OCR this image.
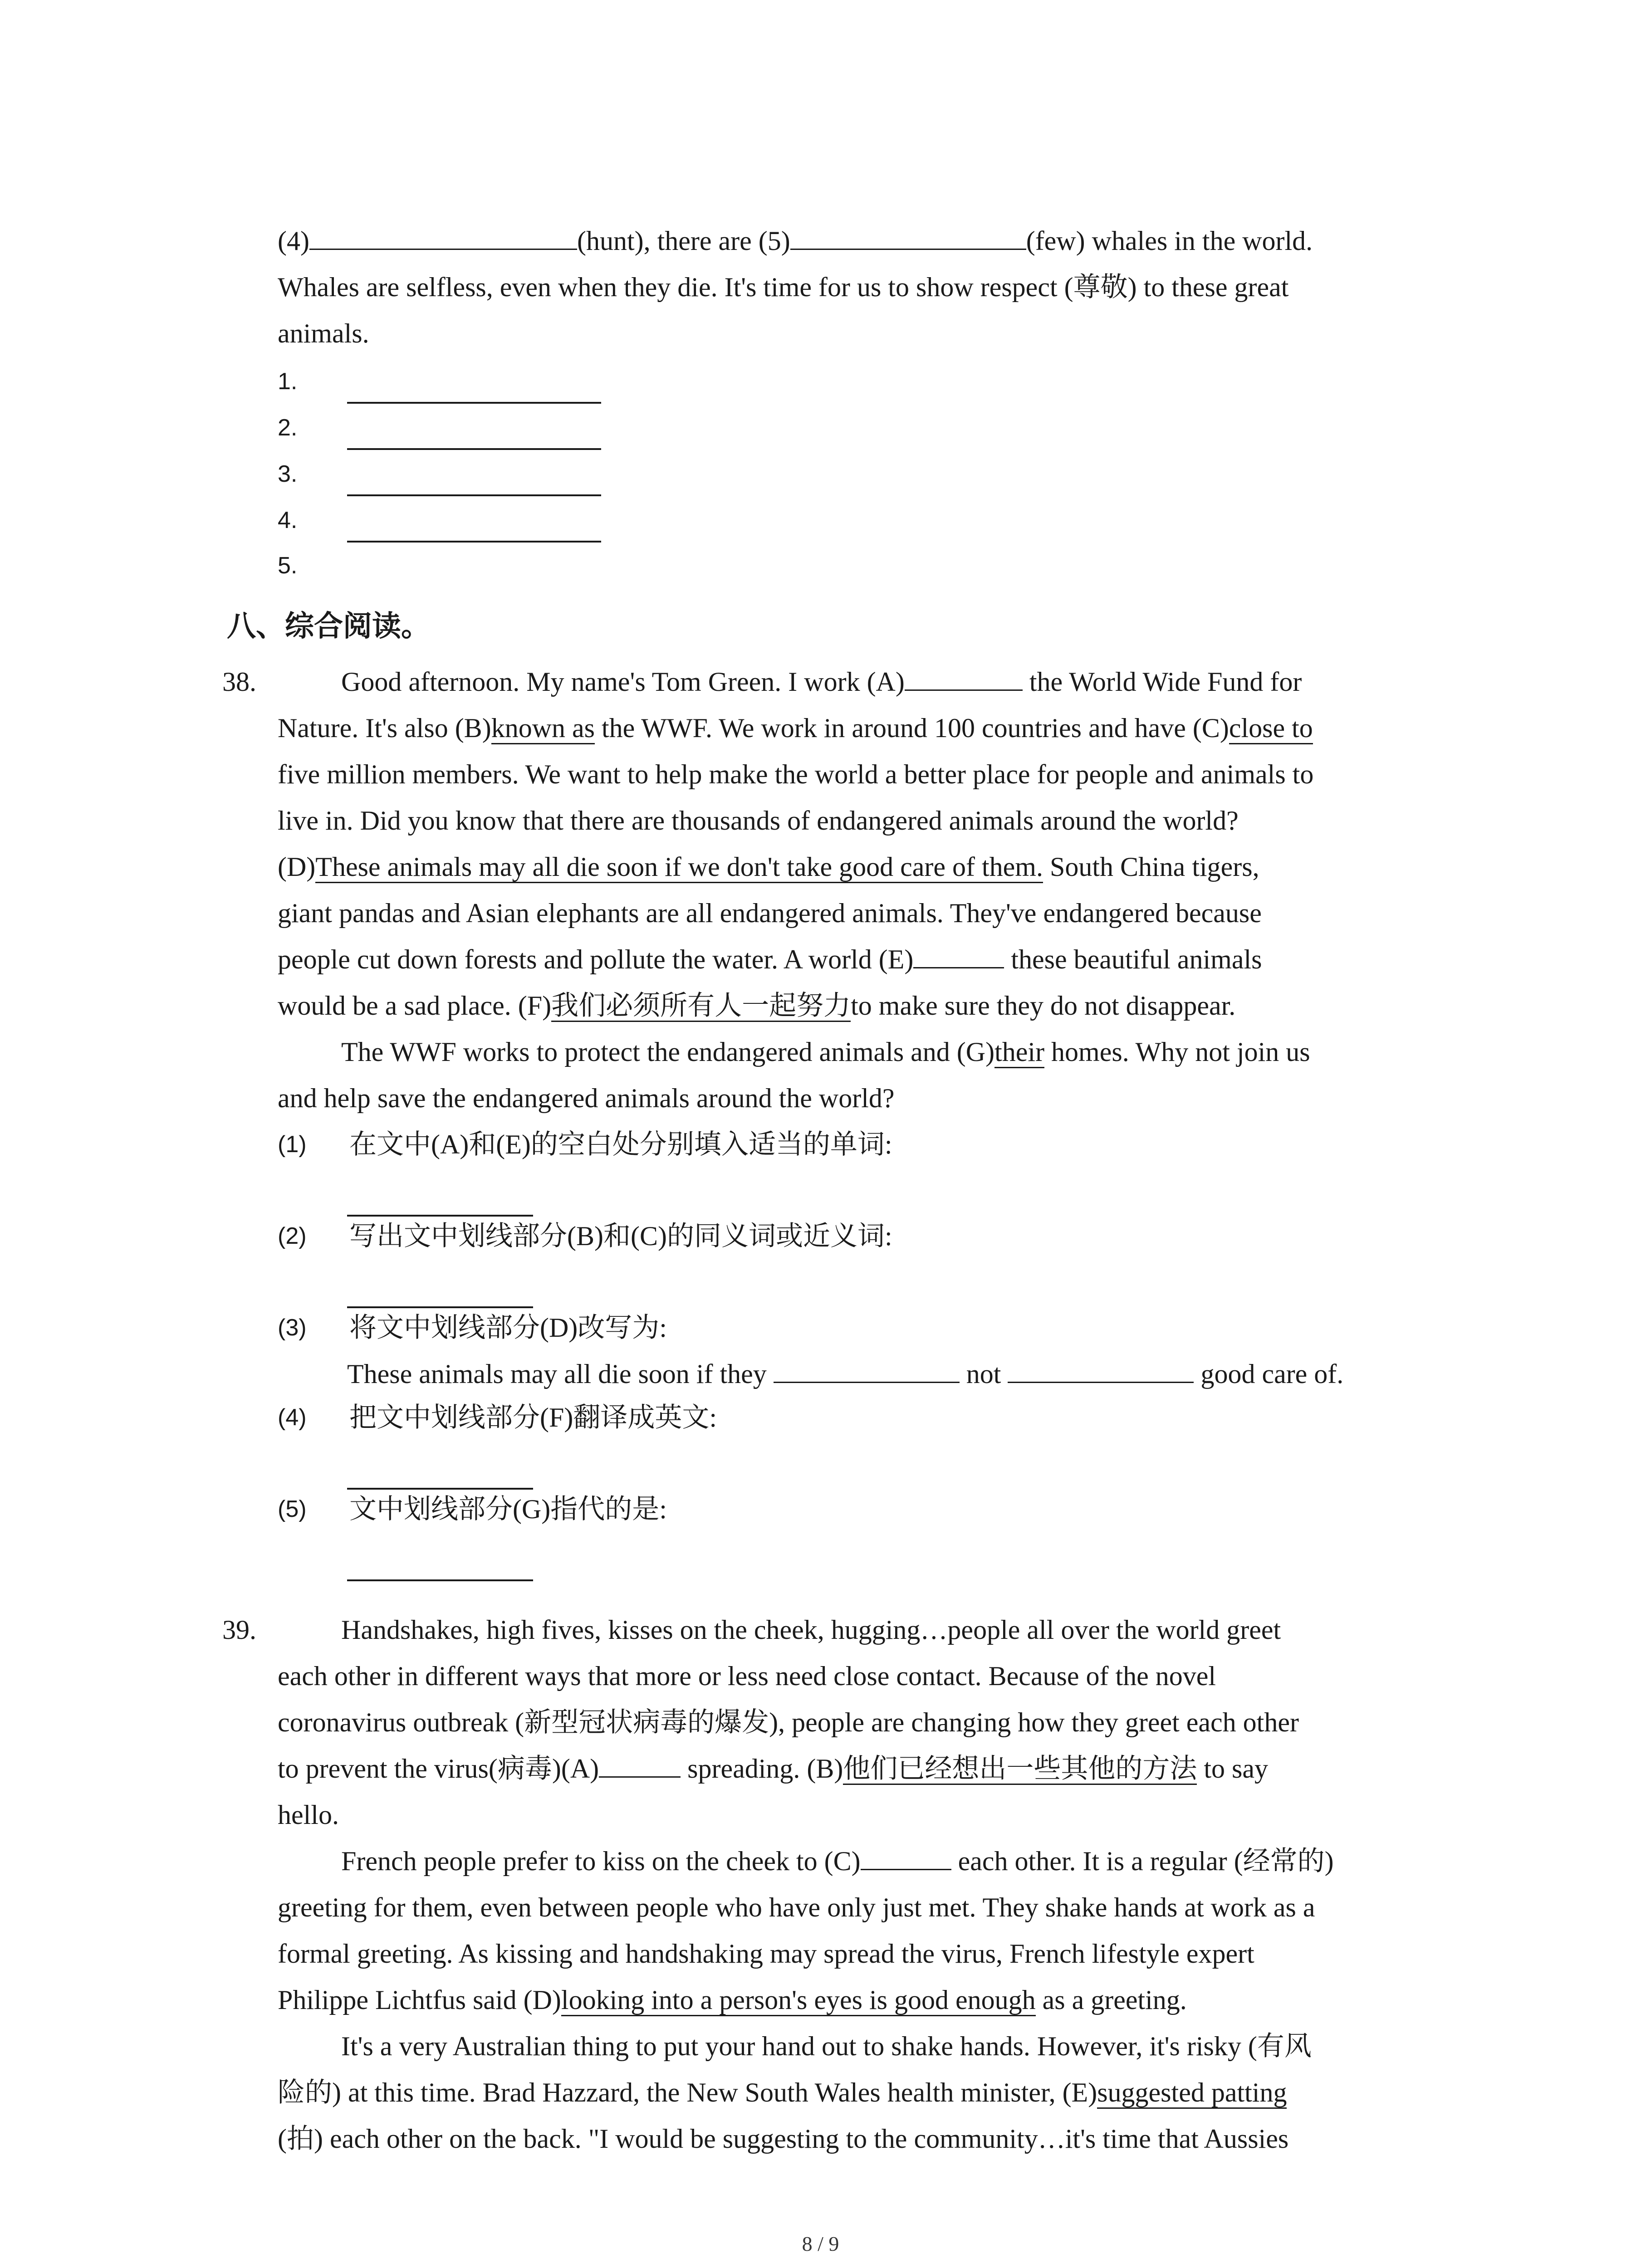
(4)	(hunt), there are (5)	(few) whales in the world.
Whales are selfless, even when they die. It's time for us to show respect (尊敬) to these great
animals.
1.
2.
3.
4.
5.
八、综合阅读。
38.	Good afternoon. My name's Tom Green. I work (A)	the World Wide Fund for
Nature. It's also (B)known as the WWF. We work in around 100 countries and have (C)close to
five million members. We want to help make the world a better place for people and animals to
live in. Did you know that there are thousands of endangered animals around the world?
(D)These animals may all die soon if we don't take good care of them. South China tigers,
giant pandas and Asian elephants are all endangered animals. They've endangered because
people cut down forests and pollute the water. A world (E)	these beautiful animals
would be a sad place. (F)我们必须所有人一起努力to make sure they do not disappear.
The WWF works to protect the endangered animals and (G)their homes. Why not join us
and help save the endangered animals around the world?
(1) 在文中(A)和(E)的空白处分别填入适当的单词:
(2) 写出文中划线部分(B)和(C)的同义词或近义词:
(3) 将文中划线部分(D)改写为:
These animals may all die soon if they	not	good care of.
(4) 把文中划线部分(F)翻译成英文:
(5) 文中划线部分(G)指代的是:
39.	Handshakes, high fives, kisses on the cheek, hugging…people all over the world greet
each other in different ways that more or less need close contact. Because of the novel
coronavirus outbreak (新型冠状病毒的爆发), people are changing how they greet each other
to prevent the virus(病毒)(A)	spreading. (B)他们已经想出一些其他的方法 to say
hello.
French people prefer to kiss on the cheek to (C)	each other. It is a regular (经常的)
greeting for them, even between people who have only just met. They shake hands at work as a
formal greeting. As kissing and handshaking may spread the virus, French lifestyle expert
Philippe Lichtfus said (D)looking into a person's eyes is good enough as a greeting.
It's a very Australian thing to put your hand out to shake hands. However, it's risky (有风
险的) at this time. Brad Hazzard, the New South Wales health minister, (E)suggested patting
(拍) each other on the back. "I would be suggesting to the community…it's time that Aussies
8 / 9
